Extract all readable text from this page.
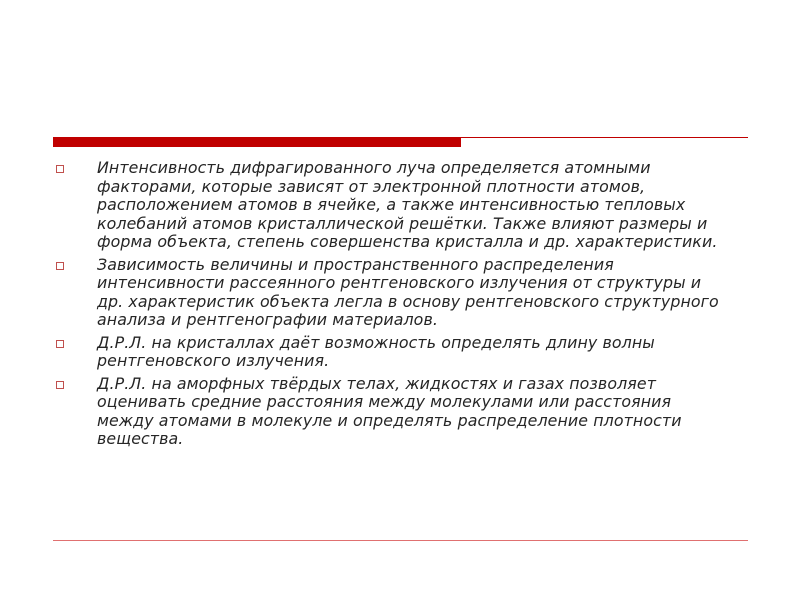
Интенсивность дифрагированного луча определяется атомными факторами, которые зависят от электронной плотности атомов, расположением атомов в ячейке, а также интенсивностью тепловых колебаний атомов кристаллической решётки. Также влияют размеры и форма объекта, степень совершенства кристалла и др. характеристики.
Зависимость величины и пространственного распределения интенсивности рассеянного рентгеновского излучения от структуры и др. характеристик объекта легла в основу рентгеновского структурного анализа и рентгенографии материалов.
Д.Р.Л. на кристаллах даёт возможность определять длину волны рентгеновского излучения.
Д.Р.Л. на аморфных твёрдых телах, жидкостях и газах позволяет оценивать средние расстояния между молекулами или расстояния между атомами в молекуле и определять распределение плотности вещества.
